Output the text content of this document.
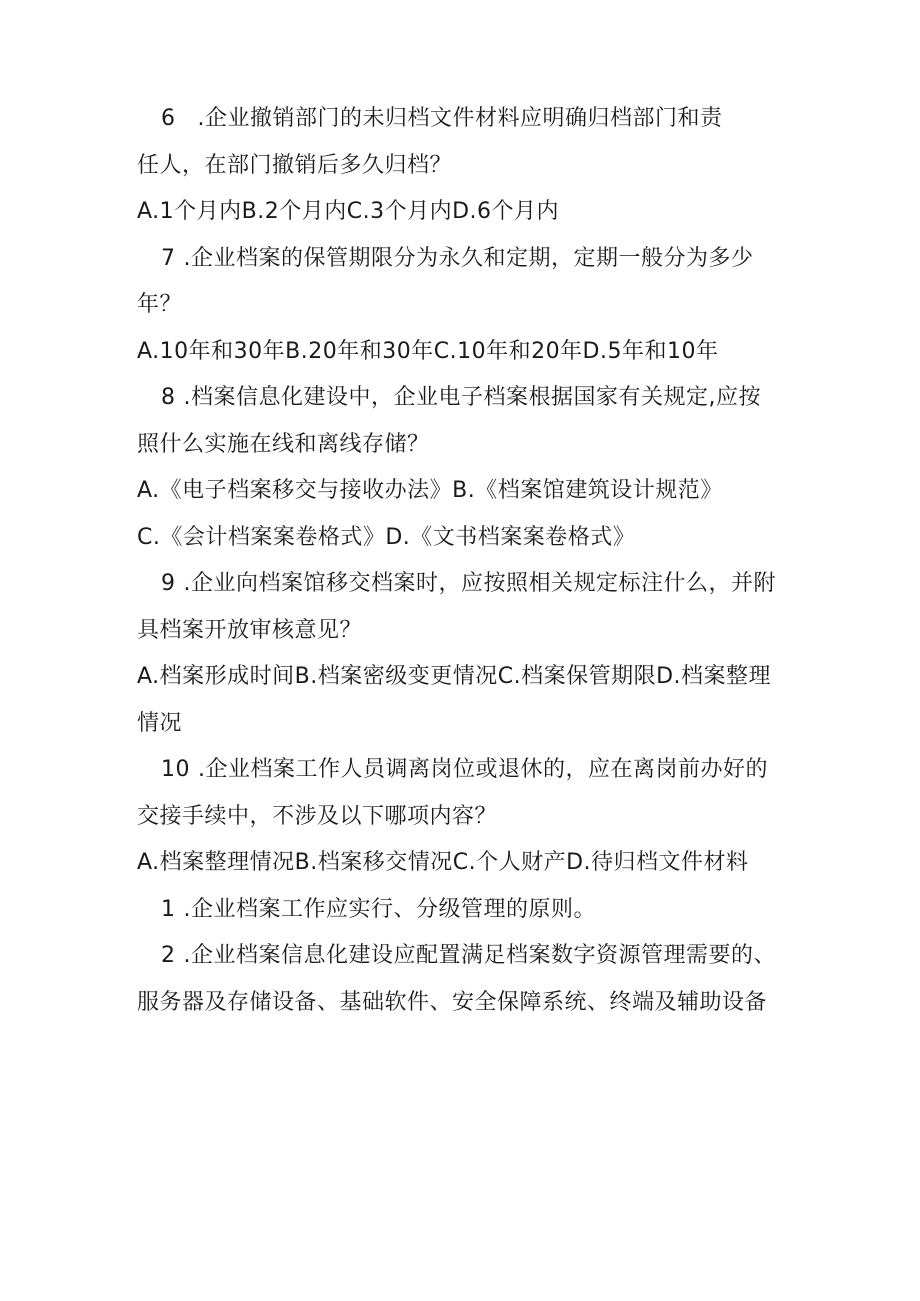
6 .企业撤销部门的未归档文件材料应明确归档部门和责

任人，在部门撤销后多久归档？

A.1个月内B.2个月内C.3个月内D.6个月内

7 .企业档案的保管期限分为永久和定期，定期一般分为多少

年？

A.10年和30年B.20年和30年C.10年和20年D.5年和10年

8 .档案信息化建设中，企业电子档案根据国家有关规定,应按

照什么实施在线和离线存储？

A.《电子档案移交与接收办法》B.《档案馆建筑设计规范》

C.《会计档案案卷格式》D.《文书档案案卷格式》

9 .企业向档案馆移交档案时，应按照相关规定标注什么，并附

具档案开放审核意见？

A.档案形成时间B.档案密级变更情况C.档案保管期限D.档案整理

情况

10 .企业档案工作人员调离岗位或退休的，应在离岗前办好的

交接手续中，不涉及以下哪项内容？

A.档案整理情况B.档案移交情况C.个人财产D.待归档文件材料

1 .企业档案工作应实行、分级管理的原则。

2 .企业档案信息化建设应配置满足档案数字资源管理需要的、

服务器及存储设备、基础软件、安全保障系统、终端及辅助设备
